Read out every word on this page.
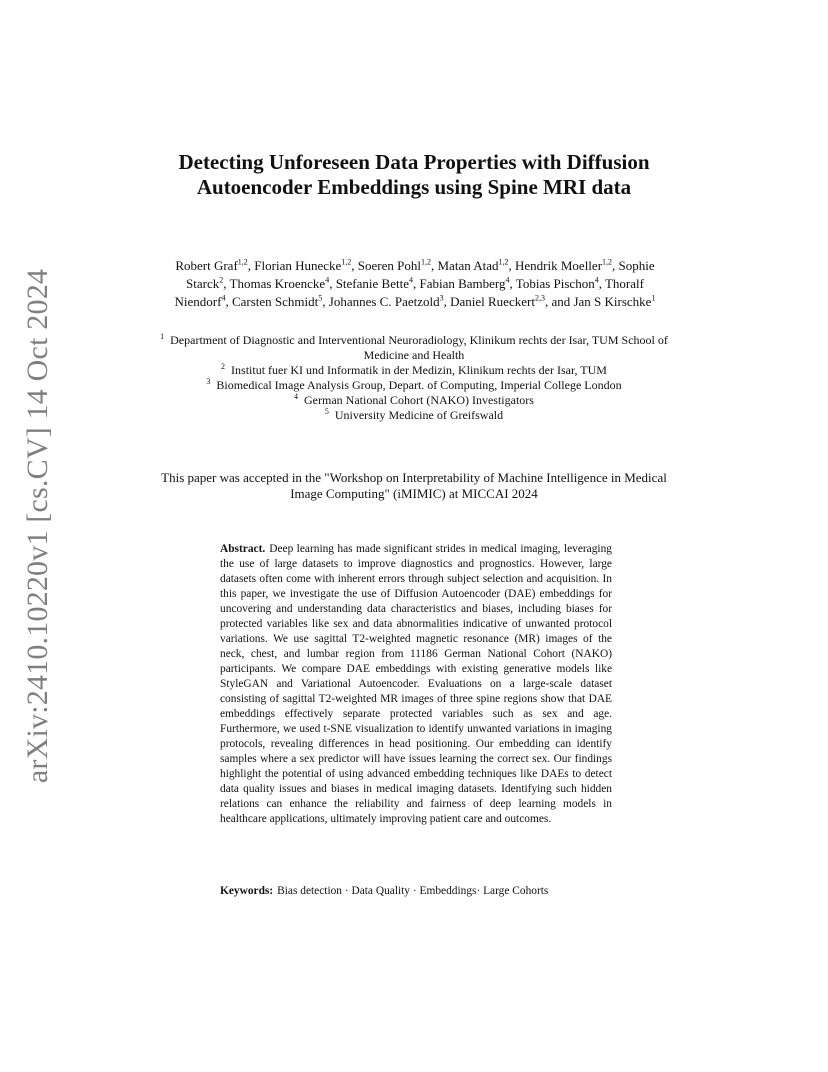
arXiv:2410.10220v1 [cs.CV] 14 Oct 2024
Detecting Unforeseen Data Properties with Diffusion Autoencoder Embeddings using Spine MRI data
Robert Graf$^{1,2}$, Florian Hunecke$^{1,2}$, Soeren Pohl$^{1,2}$, Matan Atad$^{1,2}$, Hendrik Moeller$^{1,2}$, Sophie Starck$^2$, Thomas Kroencke$^4$, Stefanie Bette$^4$, Fabian Bamberg$^4$, Tobias Pischon$^4$, Thoralf Niendorf$^4$, Carsten Schmidt$^5$, Johannes C. Paetzold$^3$, Daniel Rueckert$^{2,3}$, and Jan S Kirschke$^1$
$^1$  Department of Diagnostic and Interventional Neuroradiology, Klinikum rechts der Isar, TUM School of Medicine and Health
$^2$  Institut fuer KI und Informatik in der Medizin, Klinikum rechts der Isar, TUM
$^3$  Biomedical Image Analysis Group, Depart. of Computing, Imperial College London
$^4$  German National Cohort (NAKO) Investigators
$^5$  University Medicine of Greifswald
This paper was accepted in the "Workshop on Interpretability of Machine Intelligence in Medical Image Computing" (iMIMIC) at MICCAI 2024
Abstract. Deep learning has made significant strides in medical imaging, leveraging the use of large datasets to improve diagnostics and prognostics. However, large datasets often come with inherent errors through subject selection and acquisition. In this paper, we investigate the use of Diffusion Autoencoder (DAE) embeddings for uncovering and understanding data characteristics and biases, including biases for protected variables like sex and data abnormalities indicative of unwanted protocol variations. We use sagittal T2-weighted magnetic resonance (MR) images of the neck, chest, and lumbar region from 11186 German National Cohort (NAKO) participants. We compare DAE embeddings with existing generative models like StyleGAN and Variational Autoencoder. Evaluations on a large-scale dataset consisting of sagittal T2-weighted MR images of three spine regions show that DAE embeddings effectively separate protected variables such as sex and age. Furthermore, we used t-SNE visualization to identify unwanted variations in imaging protocols, revealing differences in head positioning. Our embedding can identify samples where a sex predictor will have issues learning the correct sex. Our findings highlight the potential of using advanced embedding techniques like DAEs to detect data quality issues and biases in medical imaging datasets. Identifying such hidden relations can enhance the reliability and fairness of deep learning models in healthcare applications, ultimately improving patient care and outcomes.
Keywords: Bias detection · Data Quality · Embeddings· Large Cohorts
